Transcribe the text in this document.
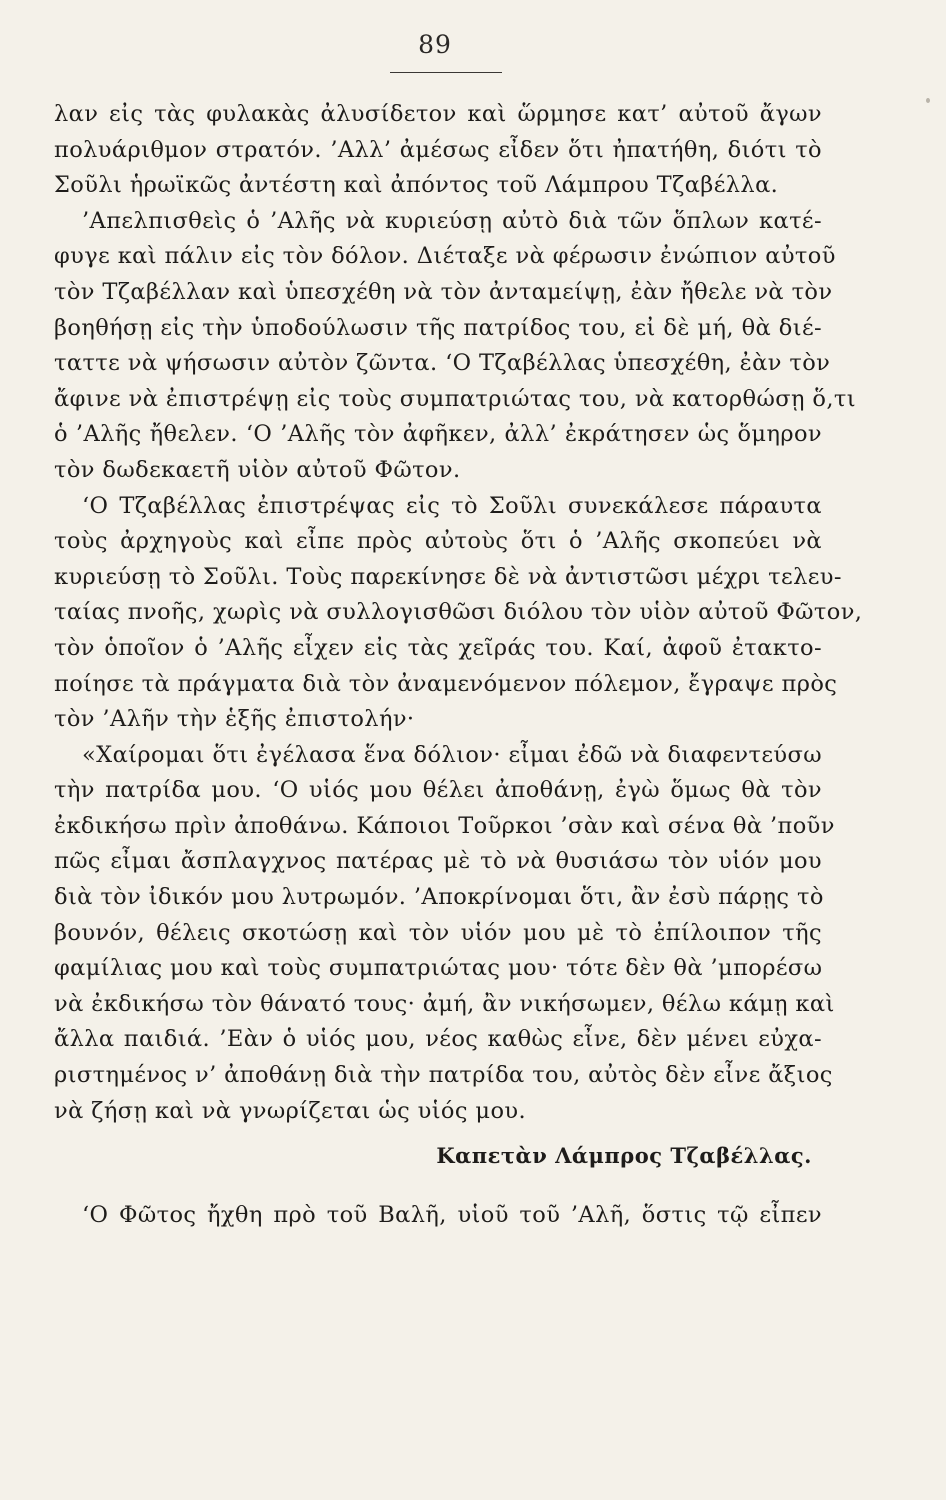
89
λαν εἰς τὰς φυλακὰς ἀλυσίδετον καὶ ὥρμησε κατ’ αὐτοῦ ἄγων
πολυάριθμον στρατόν. ’Αλλ’ ἀμέσως εἶδεν ὅτι ἠπατήθη, διότι τὸ
Σοῦλι ἡρωϊκῶς ἀντέστη καὶ ἀπόντος τοῦ Λάμπρου Τζαβέλλα.
’Απελπισθεὶς ὁ ’Αλῆς νὰ κυριεύσῃ αὐτὸ διὰ τῶν ὅπλων κατέ-
φυγε καὶ πάλιν εἰς τὸν δόλον. Διέταξε νὰ φέρωσιν ἐνώπιον αὐτοῦ
τὸν Τζαβέλλαν καὶ ὑπεσχέθη νὰ τὸν ἀνταμείψῃ, ἐὰν ἤθελε νὰ τὸν
βοηθήσῃ εἰς τὴν ὑποδούλωσιν τῆς πατρίδος του, εἰ δὲ μή, θὰ διέ-
ταττε νὰ ψήσωσιν αὐτὸν ζῶντα. ‘Ο Τζαβέλλας ὑπεσχέθη, ἐὰν τὸν
ἄφινε νὰ ἐπιστρέψῃ εἰς τοὺς συμπατριώτας του, νὰ κατορθώσῃ ὅ,τι
ὁ ’Αλῆς ἤθελεν. ‘Ο ’Αλῆς τὸν ἀφῆκεν, ἀλλ’ ἐκράτησεν ὡς ὅμηρον
τὸν δωδεκαετῆ υἱὸν αὐτοῦ Φῶτον.
‘Ο Τζαβέλλας ἐπιστρέψας εἰς τὸ Σοῦλι συνεκάλεσε πάραυτα
τοὺς ἀρχηγοὺς καὶ εἶπε πρὸς αὐτοὺς ὅτι ὁ ’Αλῆς σκοπεύει νὰ
κυριεύσῃ τὸ Σοῦλι. Τοὺς παρεκίνησε δὲ νὰ ἀντιστῶσι μέχρι τελευ-
ταίας πνοῆς, χωρὶς νὰ συλλογισθῶσι διόλου τὸν υἱὸν αὐτοῦ Φῶτον,
τὸν ὁποῖον ὁ ’Αλῆς εἶχεν εἰς τὰς χεῖράς του. Καί, ἀφοῦ ἐτακτο-
ποίησε τὰ πράγματα διὰ τὸν ἀναμενόμενον πόλεμον, ἔγραψε πρὸς
τὸν ’Αλῆν τὴν ἑξῆς ἐπιστολήν·
«Χαίρομαι ὅτι ἐγέλασα ἕνα δόλιον· εἶμαι ἐδῶ νὰ διαφεντεύσω
τὴν πατρίδα μου. ‘Ο υἱός μου θέλει ἀποθάνῃ, ἐγὼ ὅμως θὰ τὸν
ἐκδικήσω πρὶν ἀποθάνω. Κάποιοι Τοῦρκοι ’σὰν καὶ σένα θὰ ’ποῦν
πῶς εἶμαι ἄσπλαγχνος πατέρας μὲ τὸ νὰ θυσιάσω τὸν υἱόν μου
διὰ τὸν ἰδικόν μου λυτρωμόν. ’Αποκρίνομαι ὅτι, ἂν ἐσὺ πάρῃς τὸ
βουνόν, θέλεις σκοτώσῃ καὶ τὸν υἱόν μου μὲ τὸ ἐπίλοιπον τῆς
φαμίλιας μου καὶ τοὺς συμπατριώτας μου· τότε δὲν θὰ ’μπορέσω
νὰ ἐκδικήσω τὸν θάνατό τους· ἀμή, ἂν νικήσωμεν, θέλω κάμῃ καὶ
ἄλλα παιδιά. ’Εὰν ὁ υἱός μου, νέος καθὼς εἶνε, δὲν μένει εὐχα-
ριστημένος ν’ ἀποθάνῃ διὰ τὴν πατρίδα του, αὐτὸς δὲν εἶνε ἄξιος
νὰ ζήσῃ καὶ νὰ γνωρίζεται ὡς υἱός μου.
Καπετὰν Λάμπρος Τζαβέλλας.
‘Ο Φῶτος ἤχθη πρὸ τοῦ Βαλῆ, υἱοῦ τοῦ ’Αλῆ, ὅστις τῷ εἶπεν
